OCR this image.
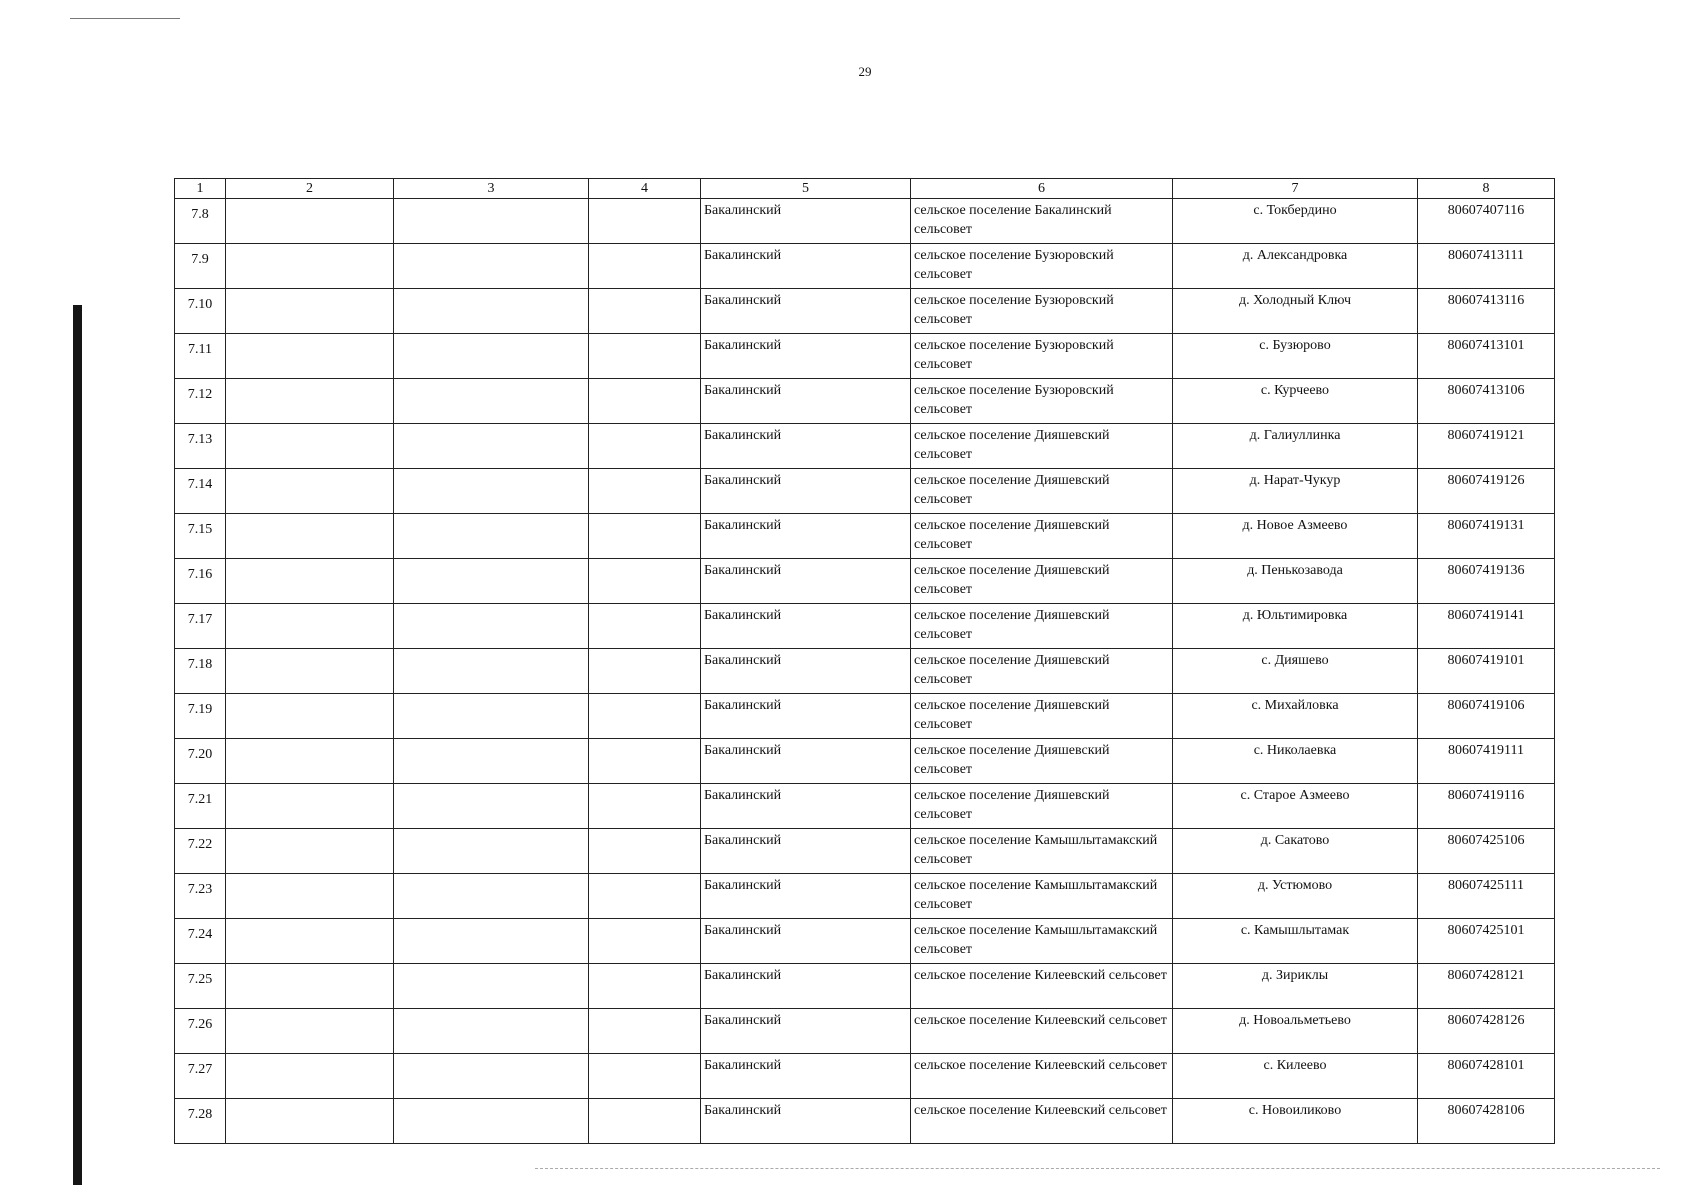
29
1	2	3	4	5	6	7	8
7.8				Бакалинский	сельское поселение Бакалинский сельсовет	с. Токбердино	80607407116
7.9				Бакалинский	сельское поселение Бузюровский сельсовет	д. Александровка	80607413111
7.10				Бакалинский	сельское поселение Бузюровский сельсовет	д. Холодный Ключ	80607413116
7.11				Бакалинский	сельское поселение Бузюровский сельсовет	с. Бузюрово	80607413101
7.12				Бакалинский	сельское поселение Бузюровский сельсовет	с. Курчеево	80607413106
7.13				Бакалинский	сельское поселение Дияшевский сельсовет	д. Галиуллинка	80607419121
7.14				Бакалинский	сельское поселение Дияшевский сельсовет	д. Нарат-Чукур	80607419126
7.15				Бакалинский	сельское поселение Дияшевский сельсовет	д. Новое Азмеево	80607419131
7.16				Бакалинский	сельское поселение Дияшевский сельсовет	д. Пенькозавода	80607419136
7.17				Бакалинский	сельское поселение Дияшевский сельсовет	д. Юльтимировка	80607419141
7.18				Бакалинский	сельское поселение Дияшевский сельсовет	с. Дияшево	80607419101
7.19				Бакалинский	сельское поселение Дияшевский сельсовет	с. Михайловка	80607419106
7.20				Бакалинский	сельское поселение Дияшевский сельсовет	с. Николаевка	80607419111
7.21				Бакалинский	сельское поселение Дияшевский сельсовет	с. Старое Азмеево	80607419116
7.22				Бакалинский	сельское поселение Камышлытамакский сельсовет	д. Сакатово	80607425106
7.23				Бакалинский	сельское поселение Камышлытамакский сельсовет	д. Устюмово	80607425111
7.24				Бакалинский	сельское поселение Камышлытамакский сельсовет	с. Камышлытамак	80607425101
7.25				Бакалинский	сельское поселение Килеевский сельсовет	д. Зириклы	80607428121
7.26				Бакалинский	сельское поселение Килеевский сельсовет	д. Новоальметьево	80607428126
7.27				Бакалинский	сельское поселение Килеевский сельсовет	с. Килеево	80607428101
7.28				Бакалинский	сельское поселение Килеевский сельсовет	с. Новоиликово	80607428106
